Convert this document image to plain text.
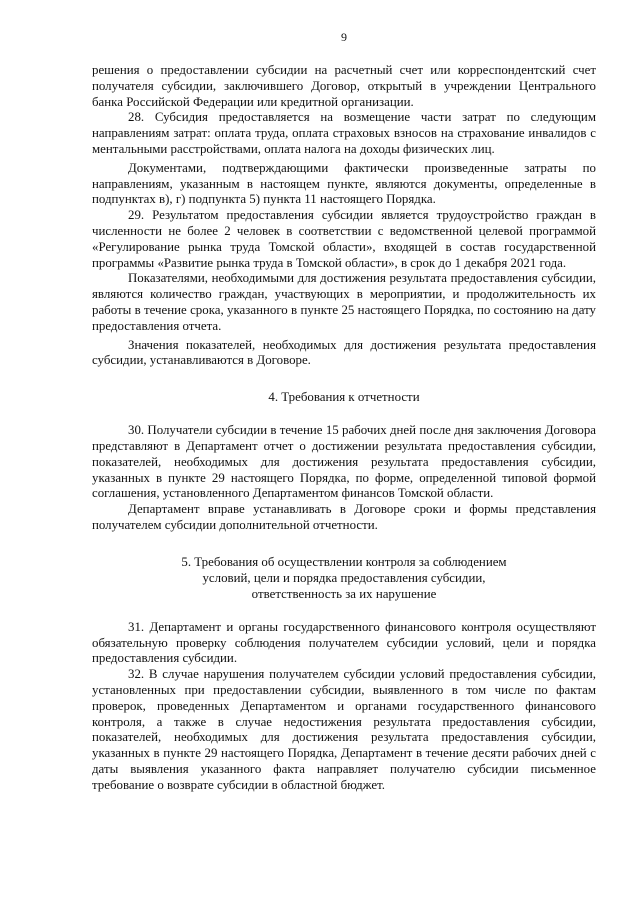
9

решения о предоставлении субсидии на расчетный счет или корреспондентский счет получателя субсидии, заключившего Договор, открытый в учреждении Центрального банка Российской Федерации или кредитной организации.

28. Субсидия предоставляется на возмещение части затрат по следующим направлениям затрат: оплата труда, оплата страховых взносов на страхование инвалидов с ментальными расстройствами, оплата налога на доходы физических лиц.

Документами, подтверждающими фактически произведенные затраты по направлениям, указанным в настоящем пункте, являются документы, определенные в подпунктах в), г) подпункта 5) пункта 11 настоящего Порядка.

29. Результатом предоставления субсидии является трудоустройство граждан в численности не более 2 человек в соответствии с ведомственной целевой программой «Регулирование рынка труда Томской области», входящей в состав государственной программы «Развитие рынка труда в Томской области», в срок до 1 декабря 2021 года.

Показателями, необходимыми для достижения результата предоставления субсидии, являются количество граждан, участвующих в мероприятии, и продолжительность их работы в течение срока, указанного в пункте 25 настоящего Порядка, по состоянию на дату предоставления отчета.

Значения показателей, необходимых для достижения результата предоставления субсидии, устанавливаются в Договоре.

4. Требования к отчетности

30. Получатели субсидии в течение 15 рабочих дней после дня заключения Договора представляют в Департамент отчет о достижении результата предоставления субсидии, показателей, необходимых для достижения результата предоставления субсидии, указанных в пункте 29 настоящего Порядка, по форме, определенной типовой формой соглашения, установленного Департаментом финансов Томской области.

Департамент вправе устанавливать в Договоре сроки и формы представления получателем субсидии дополнительной отчетности.

5. Требования об осуществлении контроля за соблюдением
условий, цели и порядка предоставления субсидии,
ответственность за их нарушение

31. Департамент и органы государственного финансового контроля осуществляют обязательную проверку соблюдения получателем субсидии условий, цели и порядка предоставления субсидии.

32. В случае нарушения получателем субсидии условий предоставления субсидии, установленных при предоставлении субсидии, выявленного в том числе по фактам проверок, проведенных Департаментом и органами государственного финансового контроля, а также в случае недостижения результата предоставления субсидии, показателей, необходимых для достижения результата предоставления субсидии, указанных в пункте 29 настоящего Порядка, Департамент в течение десяти рабочих дней с даты выявления указанного факта направляет получателю субсидии письменное требование о возврате субсидии в областной бюджет.
